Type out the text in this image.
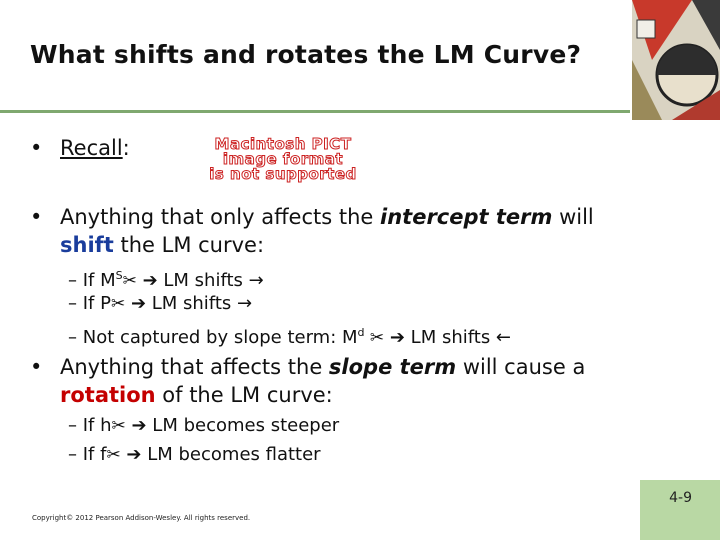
What shifts and rotates the LM Curve?
• Recall:	Macintosh PICT
image format
is not supported
• Anything that only affects the intercept term will
shift the LM curve:
– If $M^S✂$ ➔ LM shifts →
– If P✂ ➔ LM shifts →
– Not captured by slope term: $M^d$ ✂ ➔ LM shifts ←
• Anything that affects the slope term will cause a
rotation of the LM curve:
– If h✂ ➔ LM becomes steeper
– If f✂ ➔ LM becomes flatter
Copyright© 2012 Pearson Addison-Wesley. All rights reserved.
4-9
